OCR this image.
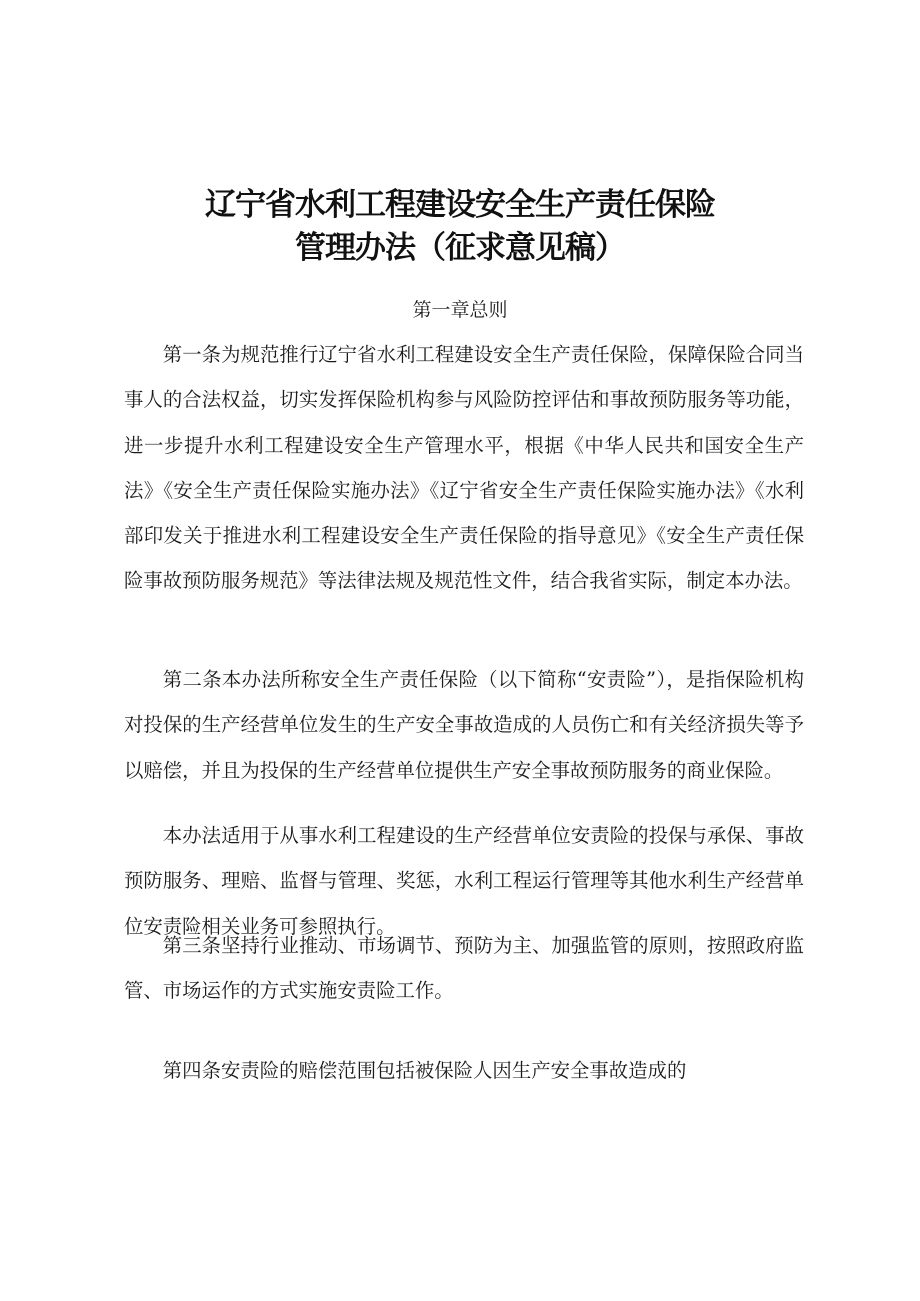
辽宁省水利工程建设安全生产责任保险
管理办法（征求意见稿）
第一章总则

第一条为规范推行辽宁省水利工程建设安全生产责任保险，保障保险合同当事人的合法权益，切实发挥保险机构参与风险防控评估和事故预防服务等功能，进一步提升水利工程建设安全生产管理水平，根据《中华人民共和国安全生产法》《安全生产责任保险实施办法》《辽宁省安全生产责任保险实施办法》《水利部印发关于推进水利工程建设安全生产责任保险的指导意见》《安全生产责任保险事故预防服务规范》等法律法规及规范性文件，结合我省实际，制定本办法。

第二条本办法所称安全生产责任保险（以下简称“安责险”），是指保险机构对投保的生产经营单位发生的生产安全事故造成的人员伤亡和有关经济损失等予以赔偿，并且为投保的生产经营单位提供生产安全事故预防服务的商业保险。

本办法适用于从事水利工程建设的生产经营单位安责险的投保与承保、事故预防服务、理赔、监督与管理、奖惩，水利工程运行管理等其他水利生产经营单位安责险相关业务可参照执行。

第三条坚持行业推动、市场调节、预防为主、加强监管的原则，按照政府监管、市场运作的方式实施安责险工作。

第四条安责险的赔偿范围包括被保险人因生产安全事故造成的
